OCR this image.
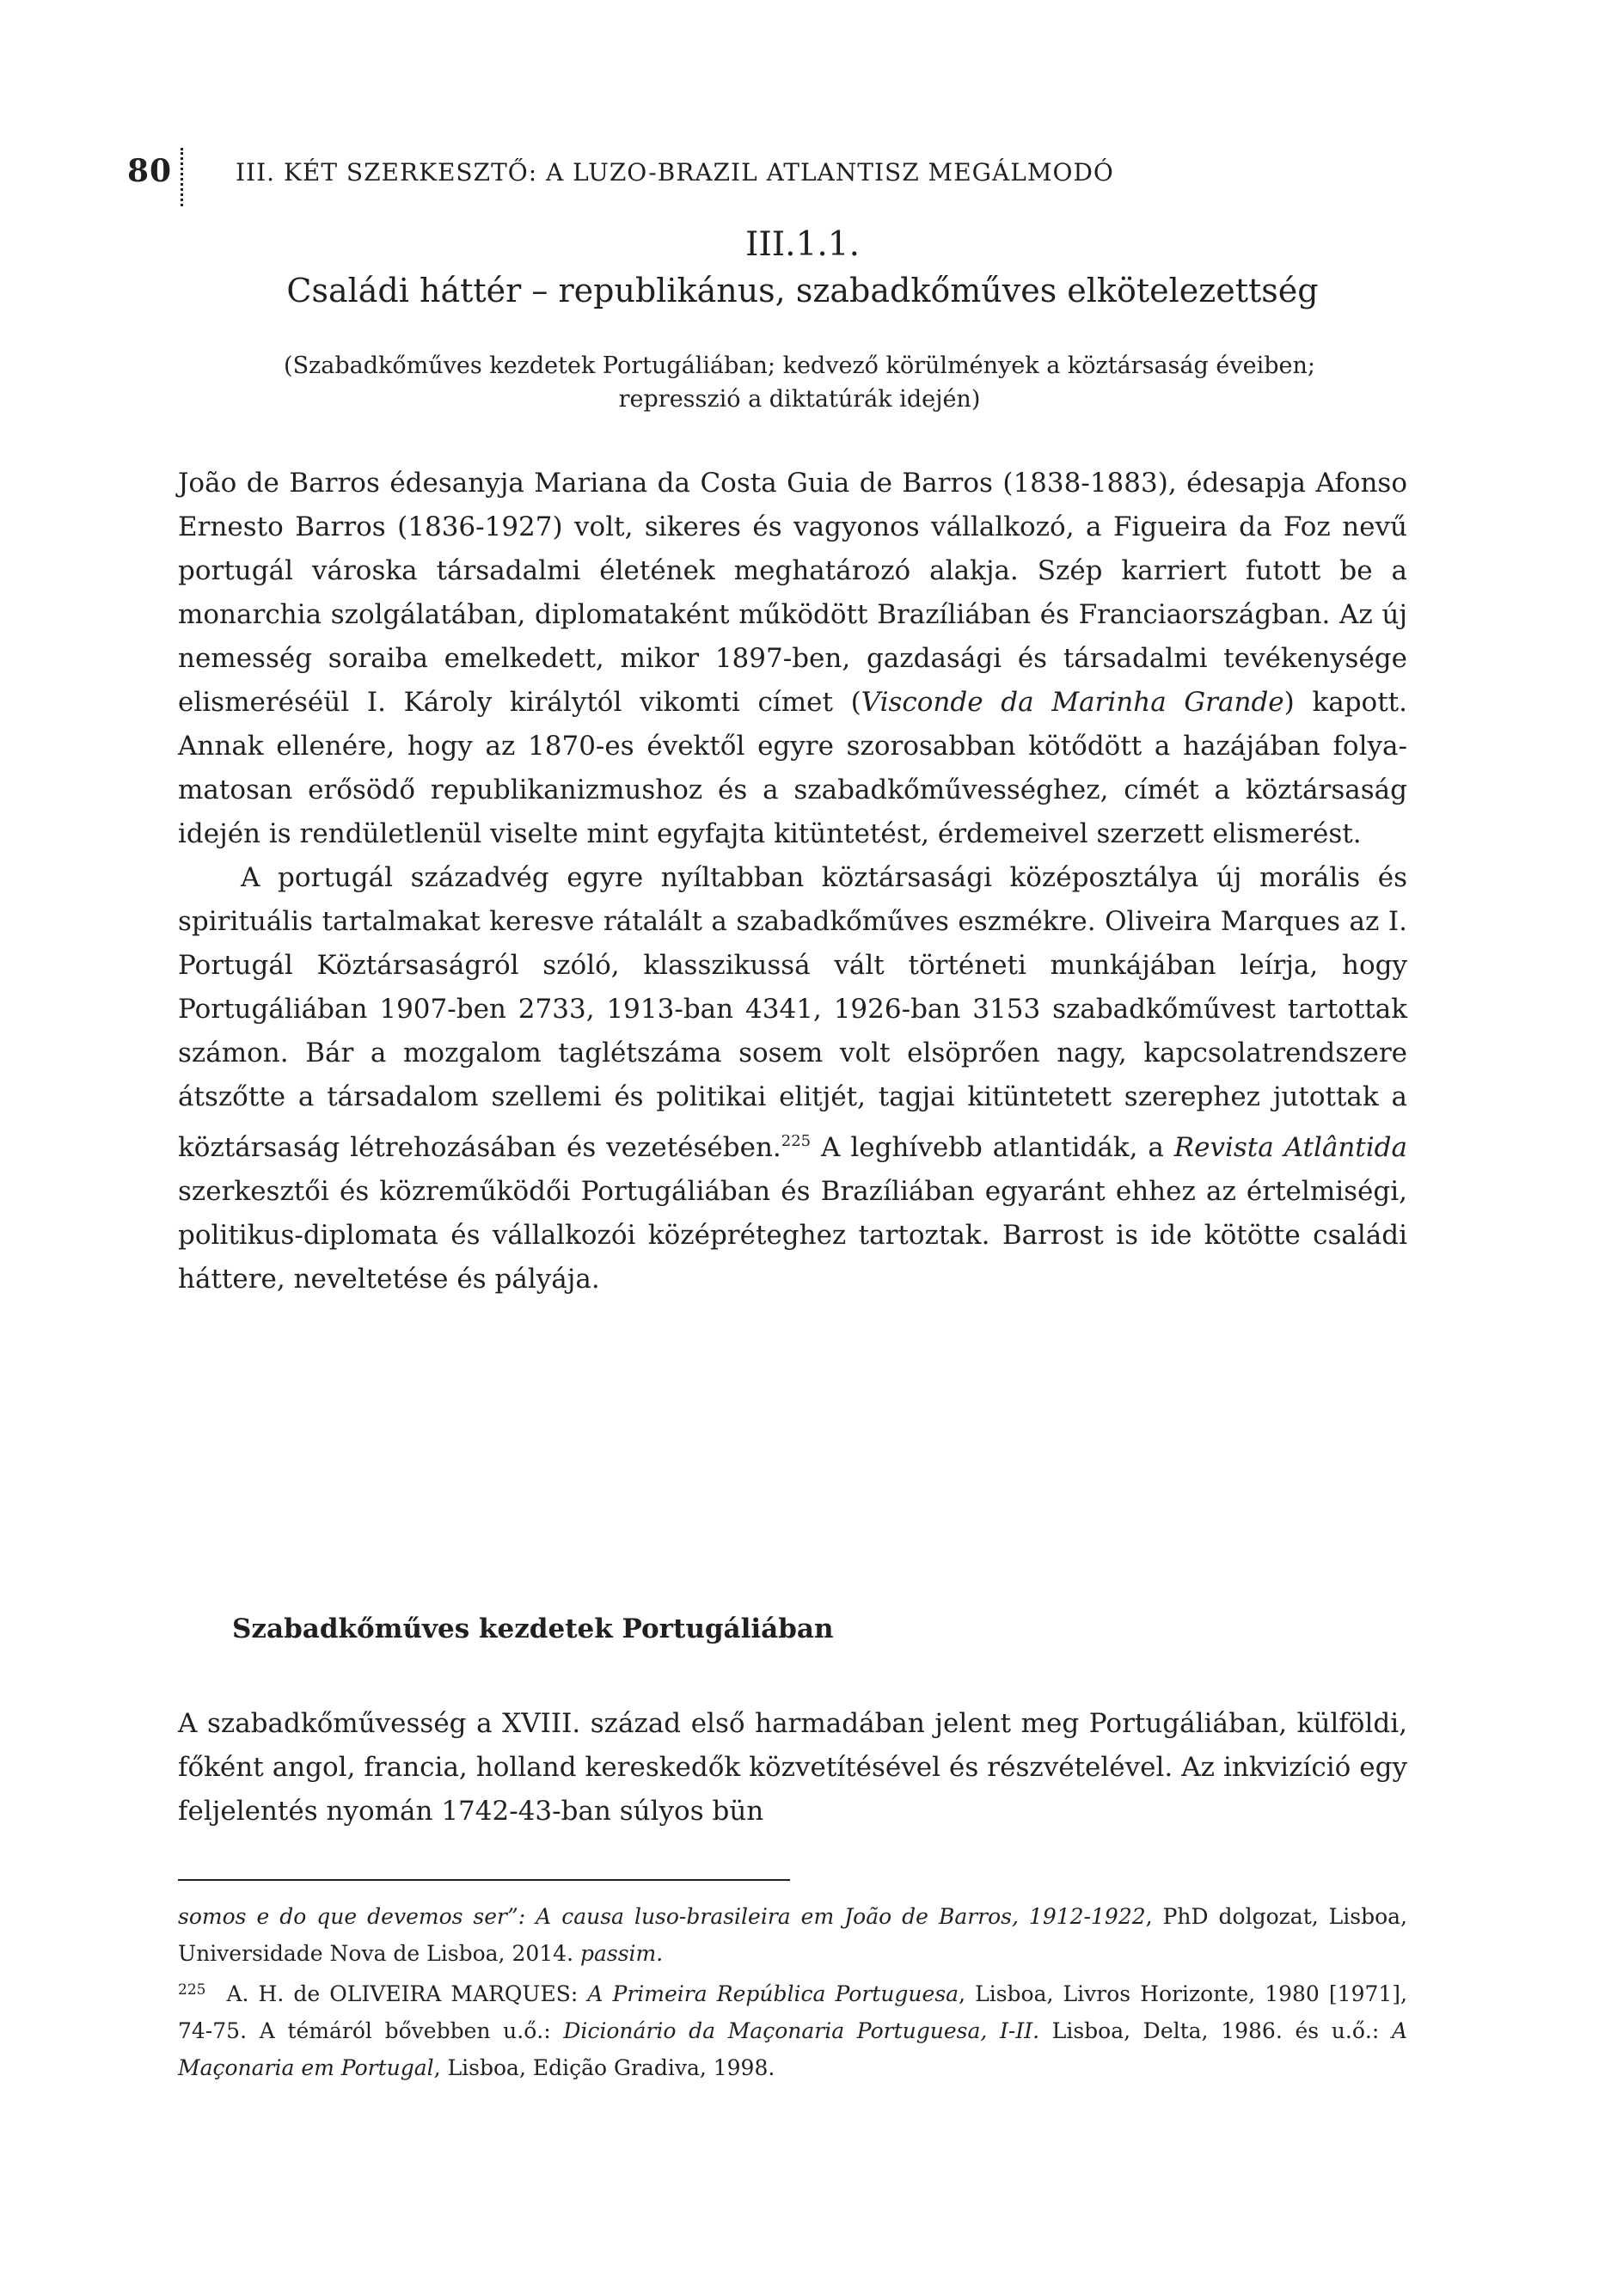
80	III. KÉT SZERKESZTŐ: A LUZO-BRAZIL ATLANTISZ MEGÁLMODÓ
III.1.1.
Családi háttér – republikánus, szabadkőműves elkötelezettség
(Szabadkőműves kezdetek Portugáliában; kedvező körülmények a köztársaság éveiben; represszió a diktatúrák idején)

João de Barros édesanyja Mariana da Costa Guia de Barros (1838-1883), édesapja Afonso Ernesto Barros (1836-1927) volt, sikeres és vagyonos vállalkozó, a Figueira da Foz nevű portugál városka társadalmi életének meghatározó alakja. Szép karriert futott be a monarchia szolgálatában, diplomataként működött Brazíliában és Franciaországban. Az új nemesség soraiba emelkedett, mikor 1897-ben, gazdasági és társadalmi tevékenysége elismeréséül I. Károly királytól vikomti címet (Visconde da Marinha Grande) kapott. Annak ellenére, hogy az 1870-es évektől egyre szorosabban kötődött a hazájában folyamatosan erősödő republikanizmushoz és a szabadkőművességhez, címét a köztársaság idején is rendületlenül viselte mint egyfajta kitüntetést, érdemeivel szerzett elismerést.

A portugál századvég egyre nyíltabban köztársasági középosztálya új morális és spirituális tartalmakat keresve rátalált a szabadkőműves eszmékre. Oliveira Marques az I. Portugál Köztársaságról szóló, klasszikussá vált történeti munkájában leírja, hogy Portugáliában 1907-ben 2733, 1913-ban 4341, 1926-ban 3153 szabadkőművest tartottak számon. Bár a mozgalom taglétszáma sosem volt elsöprően nagy, kapcsolatrendszere átszőtte a társadalom szellemi és politikai elitjét, tagjai kitüntetett szerephez jutottak a köztársaság létrehozásában és vezetésében.$^{225}$ A leghívebb atlantidák, a Revista Atlântida szerkesztői és közreműködői Portugáliában és Brazíliában egyaránt ehhez az értelmiségi, politikus-diplomata és vállalkozói középréteghez tartoztak. Barrost is ide kötötte családi háttere, neveltetése és pályája.

Szabadkőműves kezdetek Portugáliában

A szabadkőművesség a XVIII. század első harmadában jelent meg Portugáliában, külföldi, főként angol, francia, holland kereskedők közvetítésével és részvételével. Az inkvizíció egy feljelentés nyomán 1742-43-ban súlyos bün

somos e do que devemos ser”: A causa luso-brasileira em João de Barros, 1912-1922, PhD dolgozat, Lisboa, Universidade Nova de Lisboa, 2014. passim.

$^{225}$ A. H. de OLIVEIRA MARQUES: A Primeira República Portuguesa, Lisboa, Livros Horizonte, 1980 [1971], 74-75. A témáról bővebben u.ő.: Dicionário da Maçonaria Portuguesa, I-II. Lisboa, Delta, 1986. és u.ő.: A Maçonaria em Portugal, Lisboa, Edição Gradiva, 1998.
